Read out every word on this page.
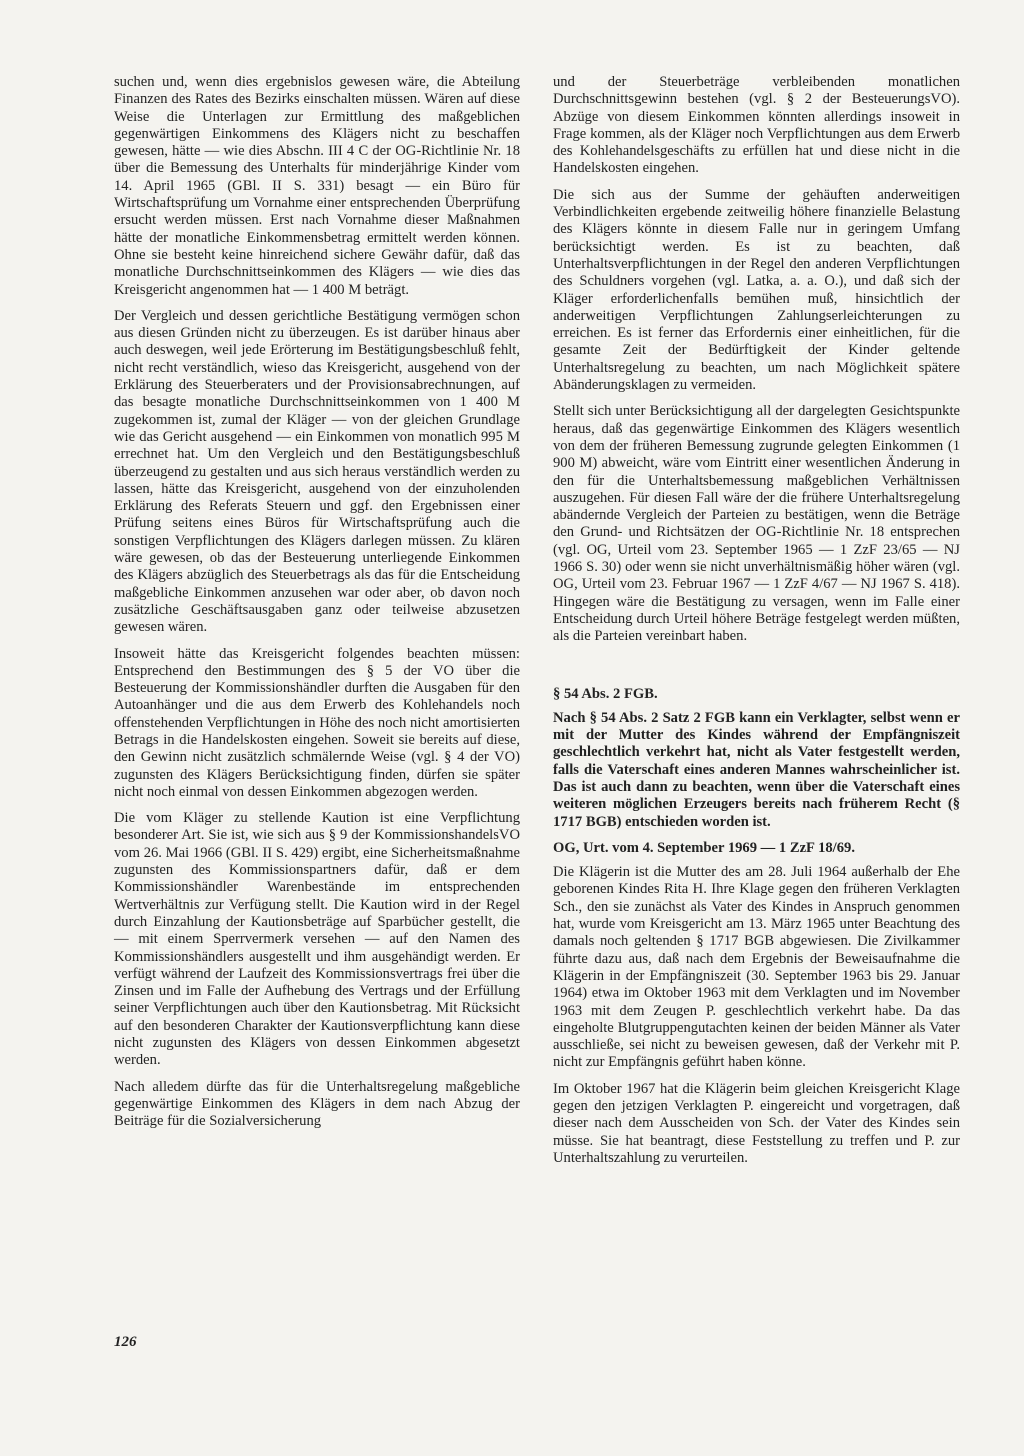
suchen und, wenn dies ergebnislos gewesen wäre, die Abteilung Finanzen des Rates des Bezirks einschalten müssen. Wären auf diese Weise die Unterlagen zur Ermittlung des maßgeblichen gegenwärtigen Einkommens des Klägers nicht zu beschaffen gewesen, hätte — wie dies Abschn. III 4 C der OG-Richtlinie Nr. 18 über die Bemessung des Unterhalts für minderjährige Kinder vom 14. April 1965 (GBl. II S. 331) besagt — ein Büro für Wirtschaftsprüfung um Vornahme einer entsprechenden Überprüfung ersucht werden müssen. Erst nach Vornahme dieser Maßnahmen hätte der monatliche Einkommensbetrag ermittelt werden können. Ohne sie besteht keine hinreichend sichere Gewähr dafür, daß das monatliche Durchschnittseinkommen des Klägers — wie dies das Kreisgericht angenommen hat — 1 400 M beträgt.

Der Vergleich und dessen gerichtliche Bestätigung vermögen schon aus diesen Gründen nicht zu überzeugen. Es ist darüber hinaus aber auch deswegen, weil jede Erörterung im Bestätigungsbeschluß fehlt, nicht recht verständlich, wieso das Kreisgericht, ausgehend von der Erklärung des Steuerberaters und der Provisionsabrechnungen, auf das besagte monatliche Durchschnittseinkommen von 1 400 M zugekommen ist, zumal der Kläger — von der gleichen Grundlage wie das Gericht ausgehend — ein Einkommen von monatlich 995 M errechnet hat. Um den Vergleich und den Bestätigungsbeschluß überzeugend zu gestalten und aus sich heraus verständlich werden zu lassen, hätte das Kreisgericht, ausgehend von der einzuholenden Erklärung des Referats Steuern und ggf. den Ergebnissen einer Prüfung seitens eines Büros für Wirtschaftsprüfung auch die sonstigen Verpflichtungen des Klägers darlegen müssen. Zu klären wäre gewesen, ob das der Besteuerung unterliegende Einkommen des Klägers abzüglich des Steuerbetrags als das für die Entscheidung maßgebliche Einkommen anzusehen war oder aber, ob davon noch zusätzliche Geschäftsausgaben ganz oder teilweise abzusetzen gewesen wären.

Insoweit hätte das Kreisgericht folgendes beachten müssen: Entsprechend den Bestimmungen des § 5 der VO über die Besteuerung der Kommissionshändler durften die Ausgaben für den Autoanhänger und die aus dem Erwerb des Kohlehandels noch offenstehenden Verpflichtungen in Höhe des noch nicht amortisierten Betrags in die Handelskosten eingehen. Soweit sie bereits auf diese, den Gewinn nicht zusätzlich schmälernde Weise (vgl. § 4 der VO) zugunsten des Klägers Berücksichtigung finden, dürfen sie später nicht noch einmal von dessen Einkommen abgezogen werden.

Die vom Kläger zu stellende Kaution ist eine Verpflichtung besonderer Art. Sie ist, wie sich aus § 9 der KommissionshandelsVO vom 26. Mai 1966 (GBl. II S. 429) ergibt, eine Sicherheitsmaßnahme zugunsten des Kommissionspartners dafür, daß er dem Kommissionshändler Warenbestände im entsprechenden Wertverhältnis zur Verfügung stellt. Die Kaution wird in der Regel durch Einzahlung der Kautionsbeträge auf Sparbücher gestellt, die — mit einem Sperrvermerk versehen — auf den Namen des Kommissionshändlers ausgestellt und ihm ausgehändigt werden. Er verfügt während der Laufzeit des Kommissionsvertrags frei über die Zinsen und im Falle der Aufhebung des Vertrags und der Erfüllung seiner Verpflichtungen auch über den Kautionsbetrag. Mit Rücksicht auf den besonderen Charakter der Kautionsverpflichtung kann diese nicht zugunsten des Klägers von dessen Einkommen abgesetzt werden.

Nach alledem dürfte das für die Unterhaltsregelung maßgebliche gegenwärtige Einkommen des Klägers in dem nach Abzug der Beiträge für die Sozialversicherung

und der Steuerbeträge verbleibenden monatlichen Durchschnittsgewinn bestehen (vgl. § 2 der BesteuerungsVO). Abzüge von diesem Einkommen könnten allerdings insoweit in Frage kommen, als der Kläger noch Verpflichtungen aus dem Erwerb des Kohlehandelsgeschäfts zu erfüllen hat und diese nicht in die Handelskosten eingehen.

Die sich aus der Summe der gehäuften anderweitigen Verbindlichkeiten ergebende zeitweilig höhere finanzielle Belastung des Klägers könnte in diesem Falle nur in geringem Umfang berücksichtigt werden. Es ist zu beachten, daß Unterhaltsverpflichtungen in der Regel den anderen Verpflichtungen des Schuldners vorgehen (vgl. Latka, a. a. O.), und daß sich der Kläger erforderlichenfalls bemühen muß, hinsichtlich der anderweitigen Verpflichtungen Zahlungserleichterungen zu erreichen. Es ist ferner das Erfordernis einer einheitlichen, für die gesamte Zeit der Bedürftigkeit der Kinder geltende Unterhaltsregelung zu beachten, um nach Möglichkeit spätere Abänderungsklagen zu vermeiden.

Stellt sich unter Berücksichtigung all der dargelegten Gesichtspunkte heraus, daß das gegenwärtige Einkommen des Klägers wesentlich von dem der früheren Bemessung zugrunde gelegten Einkommen (1 900 M) abweicht, wäre vom Eintritt einer wesentlichen Änderung in den für die Unterhaltsbemessung maßgeblichen Verhältnissen auszugehen. Für diesen Fall wäre der die frühere Unterhaltsregelung abändernde Vergleich der Parteien zu bestätigen, wenn die Beträge den Grund- und Richtsätzen der OG-Richtlinie Nr. 18 entsprechen (vgl. OG, Urteil vom 23. September 1965 — 1 ZzF 23/65 — NJ 1966 S. 30) oder wenn sie nicht unverhältnismäßig höher wären (vgl. OG, Urteil vom 23. Februar 1967 — 1 ZzF 4/67 — NJ 1967 S. 418). Hingegen wäre die Bestätigung zu versagen, wenn im Falle einer Entscheidung durch Urteil höhere Beträge festgelegt werden müßten, als die Parteien vereinbart haben.

§ 54 Abs. 2 FGB.

Nach § 54 Abs. 2 Satz 2 FGB kann ein Verklagter, selbst wenn er mit der Mutter des Kindes während der Empfängniszeit geschlechtlich verkehrt hat, nicht als Vater festgestellt werden, falls die Vaterschaft eines anderen Mannes wahrscheinlicher ist. Das ist auch dann zu beachten, wenn über die Vaterschaft eines weiteren möglichen Erzeugers bereits nach früherem Recht (§ 1717 BGB) entschieden worden ist.

OG, Urt. vom 4. September 1969 — 1 ZzF 18/69.

Die Klägerin ist die Mutter des am 28. Juli 1964 außerhalb der Ehe geborenen Kindes Rita H. Ihre Klage gegen den früheren Verklagten Sch., den sie zunächst als Vater des Kindes in Anspruch genommen hat, wurde vom Kreisgericht am 13. März 1965 unter Beachtung des damals noch geltenden § 1717 BGB abgewiesen. Die Zivilkammer führte dazu aus, daß nach dem Ergebnis der Beweisaufnahme die Klägerin in der Empfängniszeit (30. September 1963 bis 29. Januar 1964) etwa im Oktober 1963 mit dem Verklagten und im November 1963 mit dem Zeugen P. geschlechtlich verkehrt habe. Da das eingeholte Blutgruppengutachten keinen der beiden Männer als Vater ausschließe, sei nicht zu beweisen gewesen, daß der Verkehr mit P. nicht zur Empfängnis geführt haben könne.

Im Oktober 1967 hat die Klägerin beim gleichen Kreisgericht Klage gegen den jetzigen Verklagten P. eingereicht und vorgetragen, daß dieser nach dem Ausscheiden von Sch. der Vater des Kindes sein müsse. Sie hat beantragt, diese Feststellung zu treffen und P. zur Unterhaltszahlung zu verurteilen.

126
